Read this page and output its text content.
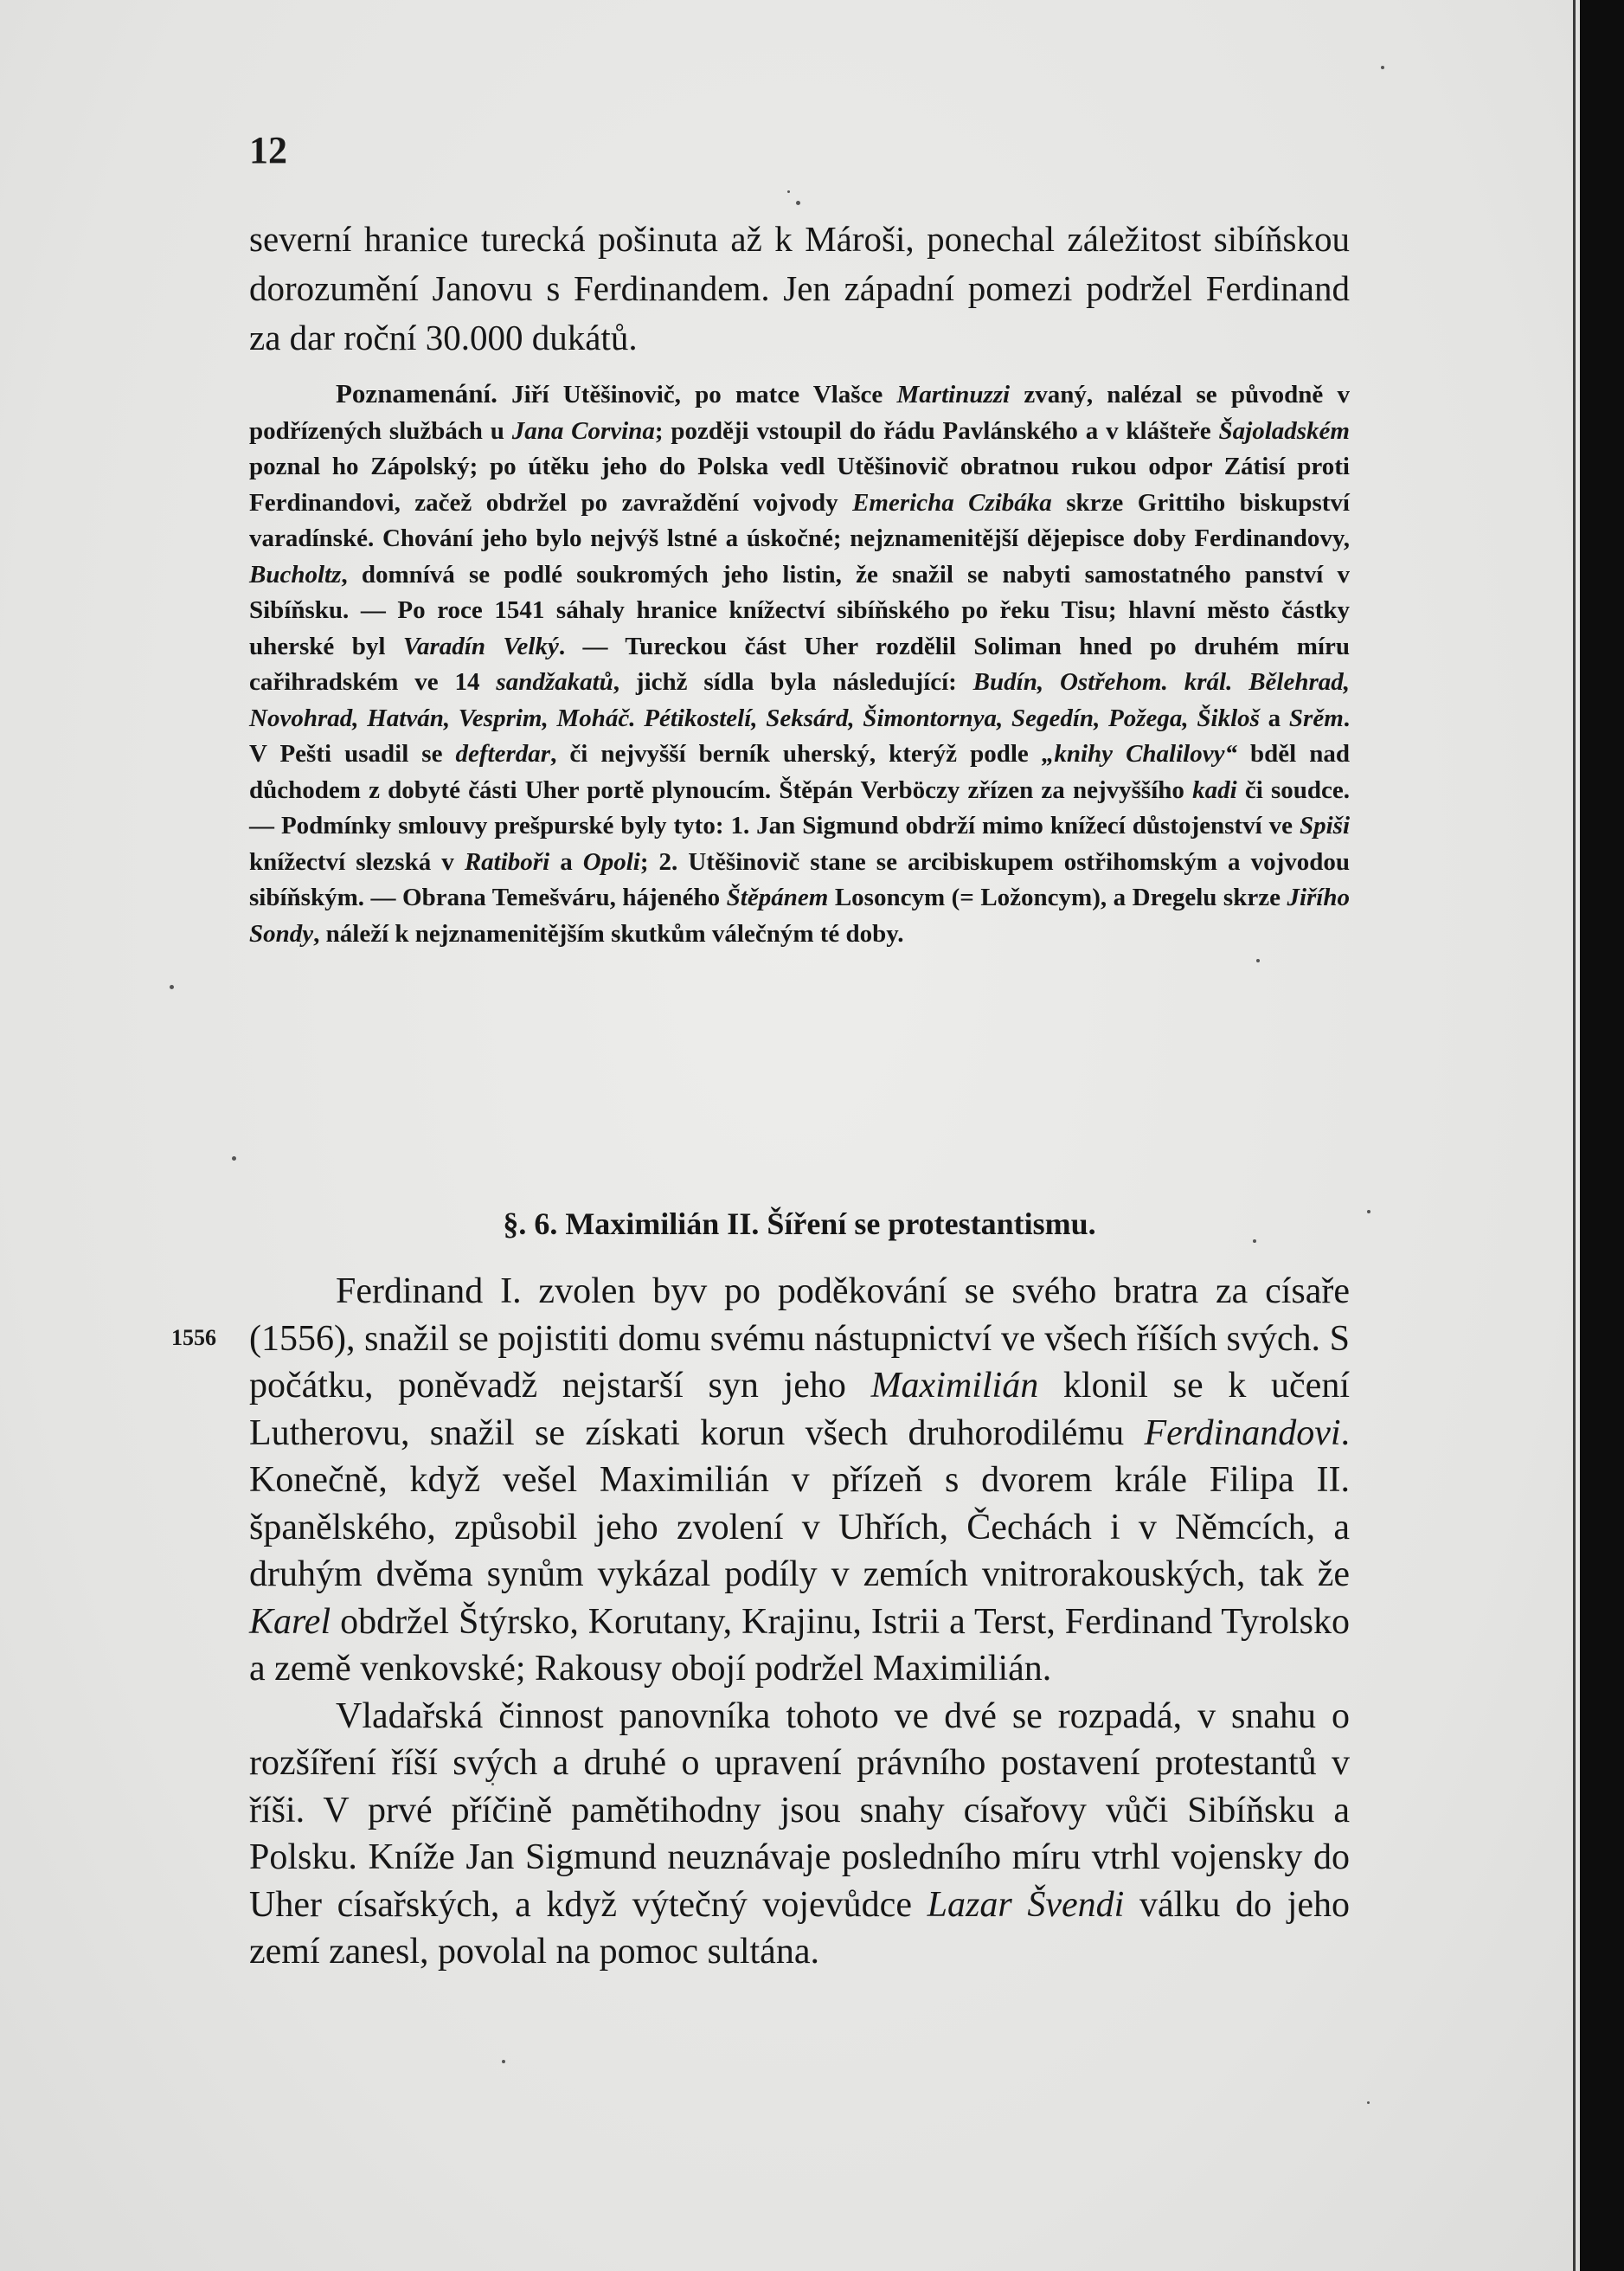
12

severní hranice turecká pošinuta až k Mároši, ponechal záležitost sibíňskou dorozumění Janovu s Ferdinandem. Jen západní pomezi podržel Ferdinand za dar roční 30.000 dukátů.

Poznamenání. Jiří Utěšinovič, po matce Vlašce Martinuzzi zvaný, nalézal se původně v podřízených službách u Jana Corvina; později vstoupil do řádu Pavlánského a v klášteře Šajoladském poznal ho Zápolský; po útěku jeho do Polska vedl Utěšinovič obratnou rukou odpor Zátisí proti Ferdinandovi, začež obdržel po zavraždění vojvody Emericha Czibáka skrze Grittiho biskupství varadínské. Chování jeho bylo nejvýš lstné a úskočné; nejznamenitější dějepisce doby Ferdinandovy, Bucholtz, domnívá se podlé soukromých jeho listin, že snažil se nabyti samostatného panství v Sibíňsku. — Po roce 1541 sáhaly hranice knížectví sibíňského po řeku Tisu; hlavní město částky uherské byl Varadín Velký. — Tureckou část Uher rozdělil Soliman hned po druhém míru cařihradském ve 14 sandžakatů, jichž sídla byla následující: Budín, Ostřehom. král. Bělehrad, Novohrad, Hatván, Vesprim, Moháč. Pétikostelí, Seksárd, Šimontornya, Segedín, Požega, Šikloš a Srěm. V Pešti usadil se defterdar, či nejvyšší berník uherský, kterýž podle „knihy Chalilovy“ bděl nad důchodem z dobyté části Uher portě plynoucím. Štěpán Verböczy zřízen za nejvyššího kadi či soudce. — Podmínky smlouvy prešpurské byly tyto: 1. Jan Sigmund obdrží mimo knížecí důstojenství ve Spiši knížectví slezská v Ratiboři a Opoli; 2. Utěšinovič stane se arcibiskupem ostřihomským a vojvodou sibíňským. — Obrana Temešváru, hájeného Štěpánem Losoncym (= Ložoncym), a Dregelu skrze Jiřího Sondy, náleží k nejznamenitějším skutkům válečným té doby.

§. 6. Maximilián II. Šíření se protestantismu.

1556

Ferdinand I. zvolen byv po poděkování se svého bratra za císaře (1556), snažil se pojistiti domu svému nástupnictví ve všech říších svých. S počátku, poněvadž nejstarší syn jeho Maximilián klonil se k učení Lutherovu, snažil se získati korun všech druhorodilému Ferdinandovi. Konečně, když vešel Maximilián v přízeň s dvorem krále Filipa II. španělského, způsobil jeho zvolení v Uhřích, Čechách i v Němcích, a druhým dvěma synům vykázal podíly v zemích vnitrorakouských, tak že Karel obdržel Štýrsko, Korutany, Krajinu, Istrii a Terst, Ferdinand Tyrolsko a země venkovské; Rakousy obojí podržel Maximilián.

Vladařská činnost panovníka tohoto ve dvé se rozpadá, v snahu o rozšíření říší svých a druhé o upravení právního postavení protestantů v říši. V prvé příčině pamětihodny jsou snahy císařovy vůči Sibíňsku a Polsku. Kníže Jan Sigmund neuznávaje posledního míru vtrhl vojensky do Uher císařských, a když výtečný vojevůdce Lazar Švendi válku do jeho zemí zanesl, povolal na pomoc sultána.
